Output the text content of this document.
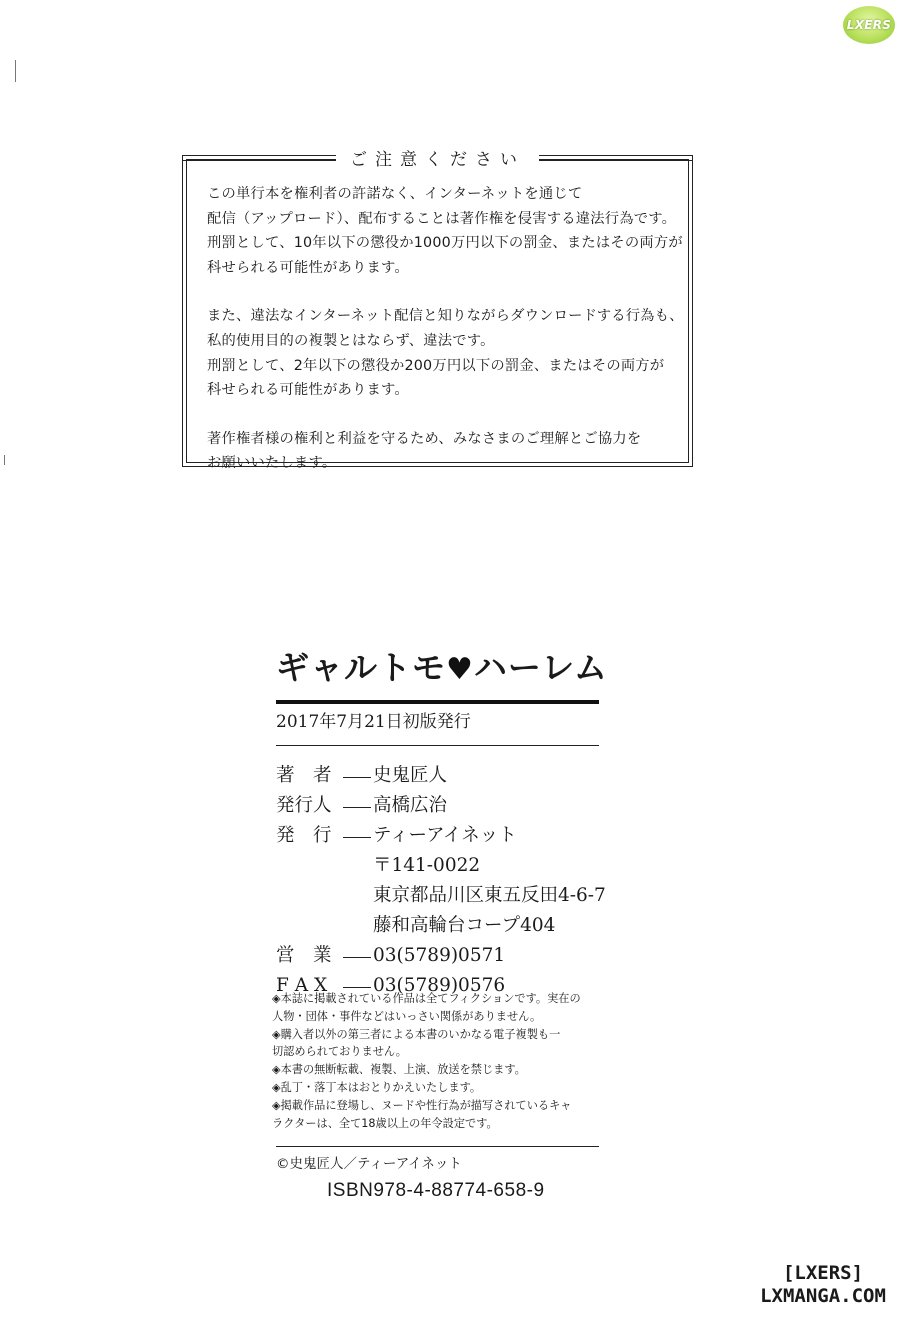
LXERS
ご注意ください

この単行本を権利者の許諾なく、インターネットを通じて

配信（アップロード）、配布することは著作権を侵害する違法行為です。

刑罰として、10年以下の懲役か1000万円以下の罰金、またはその両方が

科せられる可能性があります。

また、違法なインターネット配信と知りながらダウンロードする行為も、

私的使用目的の複製とはならず、違法です。

刑罰として、2年以下の懲役か200万円以下の罰金、またはその両方が

科せられる可能性があります。

著作権者様の権利と利益を守るため、みなさまのご理解とご協力を

お願いいたします。

ギャルトモ♥ハーレム
2017年7月21日初版発行
著　者	史鬼匠人
発行人	高橋広治
発　行	ティーアイネット
〒141-0022
東京都品川区東五反田4-6-7
藤和高輪台コープ404
営　業	03(5789)0571
F A X	03(5789)0576

◈本誌に掲載されている作品は全てフィクションです。実在の

人物・団体・事件などはいっさい関係がありません。

◈購入者以外の第三者による本書のいかなる電子複製も一

切認められておりません。

◈本書の無断転載、複製、上演、放送を禁じます。

◈乱丁・落丁本はおとりかえいたします。

◈掲載作品に登場し、ヌードや性行為が描写されているキャ

ラクターは、全て18歳以上の年令設定です。

©史鬼匠人／ティーアイネット
ISBN978-4-88774-658-9
[LXERS]
LXMANGA.COM
